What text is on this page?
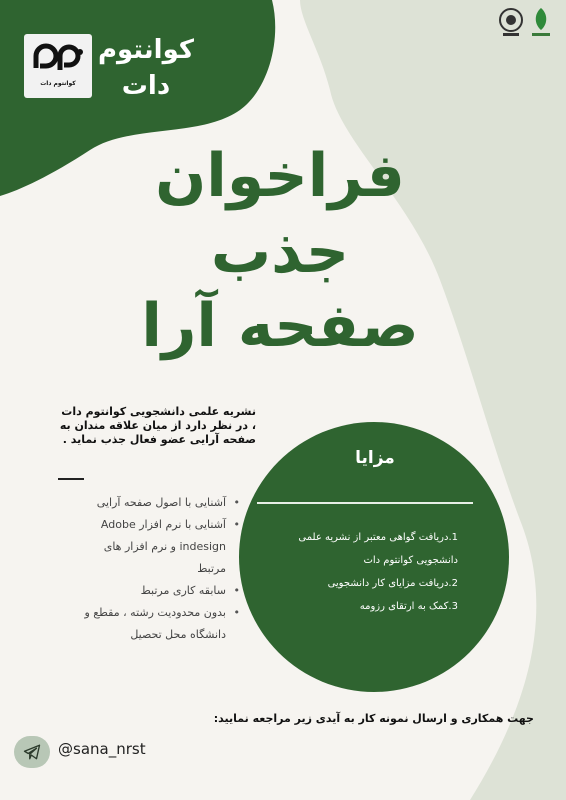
کوانتوم دات
کوانتوم
دات
فراخوان
جذب
صفحه آرا
نشریه علمی دانشجویی کوانتوم دات ، در نظر دارد از میان علاقه مندان به صفحه آرایی عضو فعال جذب نماید .
• آشنایی با اصول صفحه آرایی
• آشنایی با نرم افزار Adobe indesign و نرم افزار های مرتبط
• سابقه کاری مرتبط
• بدون محدودیت رشته ، مقطع و دانشگاه محل تحصیل
مزایا
1.دریافت گواهی معتبر از نشریه علمی دانشجویی کوانتوم دات
2.دریافت مزایای کار دانشجویی
3.کمک به ارتقای رزومه
جهت همکاری و ارسال نمونه کار به آیدی زیر مراجعه نمایید:
@sana_nrst
